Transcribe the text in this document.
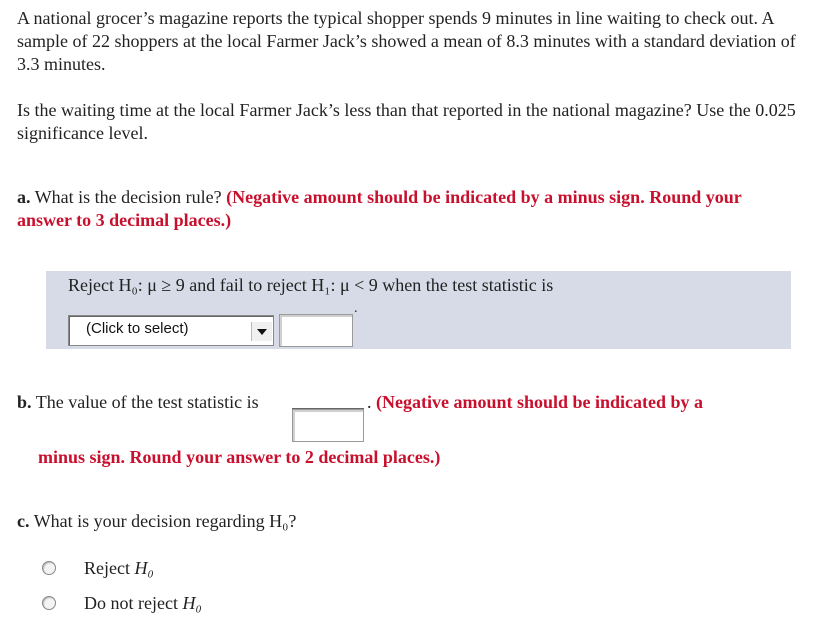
A national grocer’s magazine reports the typical shopper spends 9 minutes in line waiting to check out. A sample of 22 shoppers at the local Farmer Jack’s showed a mean of 8.3 minutes with a standard deviation of 3.3 minutes.

Is the waiting time at the local Farmer Jack’s less than that reported in the national magazine? Use the 0.025 significance level.

a. What is the decision rule? (Negative amount should be indicated by a minus sign. Round your answer to 3 decimal places.)

Reject H₀: μ ≥ 9 and fail to reject H₁: μ < 9 when the test statistic is
(Click to select)
.
b. The value of the test statistic is	. (Negative amount should be indicated by a
minus sign. Round your answer to 2 decimal places.)
c. What is your decision regarding H₀?
Reject H₀
Do not reject H₀
